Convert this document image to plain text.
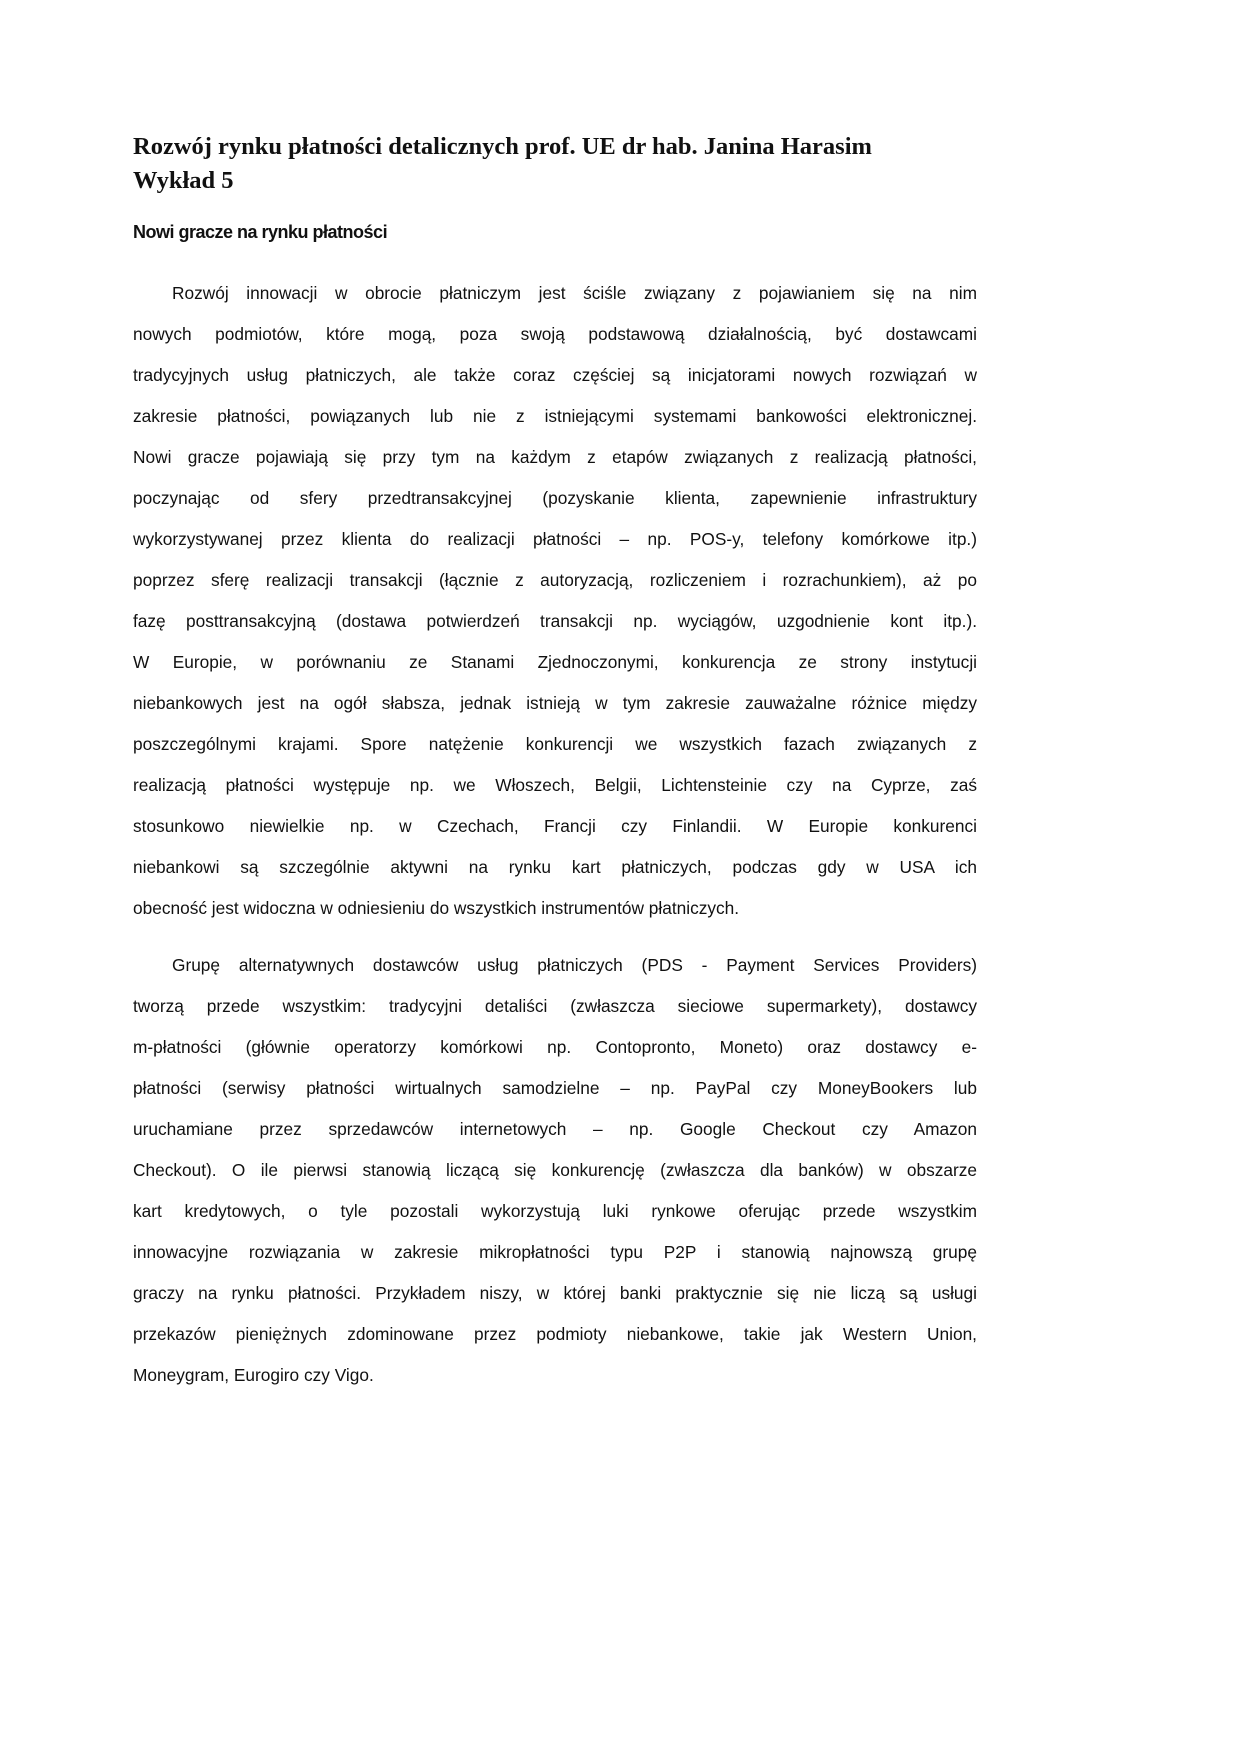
Rozwój rynku płatności detalicznych prof. UE dr hab. Janina Harasim
Wykład 5
Nowi gracze na rynku płatności
Rozwój innowacji w obrocie płatniczym jest ściśle związany z pojawianiem się na nim
nowych podmiotów, które mogą, poza swoją podstawową działalnością, być dostawcami
tradycyjnych usług płatniczych, ale także coraz częściej są inicjatorami nowych rozwiązań w
zakresie płatności, powiązanych lub nie z istniejącymi systemami bankowości elektronicznej.
Nowi gracze pojawiają się przy tym na każdym z etapów związanych z realizacją płatności,
poczynając od sfery przedtransakcyjnej (pozyskanie klienta, zapewnienie infrastruktury
wykorzystywanej przez klienta do realizacji płatności – np. POS-y, telefony komórkowe itp.)
poprzez sferę realizacji transakcji (łącznie z autoryzacją, rozliczeniem i rozrachunkiem), aż po
fazę posttransakcyjną (dostawa potwierdzeń transakcji np. wyciągów, uzgodnienie kont itp.).
W Europie, w porównaniu ze Stanami Zjednoczonymi, konkurencja ze strony instytucji
niebankowych jest na ogół słabsza, jednak istnieją w tym zakresie zauważalne różnice między
poszczególnymi krajami. Spore natężenie konkurencji we wszystkich fazach związanych z
realizacją płatności występuje np. we Włoszech, Belgii, Lichtensteinie czy na Cyprze, zaś
stosunkowo niewielkie np. w Czechach, Francji czy Finlandii. W Europie konkurenci
niebankowi są szczególnie aktywni na rynku kart płatniczych, podczas gdy w USA ich
obecność jest widoczna w odniesieniu do wszystkich instrumentów płatniczych.
Grupę alternatywnych dostawców usług płatniczych (PDS - Payment Services Providers)
tworzą przede wszystkim: tradycyjni detaliści (zwłaszcza sieciowe supermarkety), dostawcy
m-płatności (głównie operatorzy komórkowi np. Contopronto, Moneto) oraz dostawcy e-
płatności (serwisy płatności wirtualnych samodzielne – np. PayPal czy MoneyBookers lub
uruchamiane przez sprzedawców internetowych – np. Google Checkout czy Amazon
Checkout). O ile pierwsi stanowią liczącą się konkurencję (zwłaszcza dla banków) w obszarze
kart kredytowych, o tyle pozostali wykorzystują luki rynkowe oferując przede wszystkim
innowacyjne rozwiązania w zakresie mikropłatności typu P2P i stanowią najnowszą grupę
graczy na rynku płatności. Przykładem niszy, w której banki praktycznie się nie liczą są usługi
przekazów pieniężnych zdominowane przez podmioty niebankowe, takie jak Western Union,
Moneygram, Eurogiro czy Vigo.
